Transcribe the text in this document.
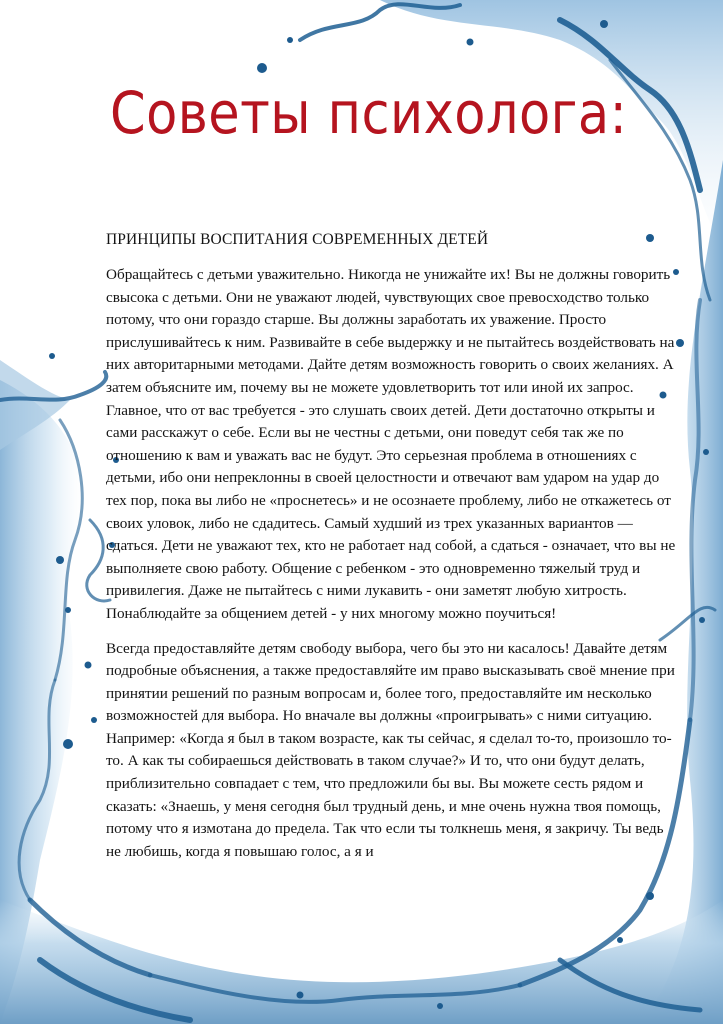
Советы психолога:
ПРИНЦИПЫ ВОСПИТАНИЯ СОВРЕМЕННЫХ ДЕТЕЙ

Обращайтесь с детьми уважительно. Никогда не унижайте их! Вы не должны говорить свысока с детьми. Они не уважают людей, чувствующих свое превосходство только потому, что они гораздо старше. Вы должны заработать их уважение. Просто прислушивайтесь к ним. Развивайте в себе выдержку и не пытайтесь воздействовать на них авторитарными методами. Дайте детям возможность говорить о своих желаниях. А затем объясните им, почему вы не можете удовлетворить тот или иной их запрос. Главное, что от вас требуется - это слушать своих детей. Дети достаточно открыты и сами расскажут о себе. Если вы не честны с детьми, они поведут себя так же по отношению к вам и уважать вас не будут. Это серьезная проблема в отношениях с детьми, ибо они непреклонны в своей целостности и отвечают вам ударом на удар до тех пор, пока вы либо не «проснетесь» и не осознаете проблему, либо не откажетесь от своих уловок, либо не сдадитесь. Самый худший из трех указанных вариантов — сдаться. Дети не уважают тех, кто не работает над собой, а сдаться - означает, что вы не выполняете свою работу. Общение с ребенком - это одновременно тяжелый труд и привилегия. Даже не пытайтесь с ними лукавить - они заметят любую хитрость. Понаблюдайте за общением детей - у них многому можно поучиться!

Всегда предоставляйте детям свободу выбора, чего бы это ни касалось! Давайте детям подробные объяснения, а также предоставляйте им право высказывать своё мнение при принятии решений по разным вопросам и, более того, предоставляйте им несколько возможностей для выбора. Но вначале вы должны «проигрывать» с ними ситуацию. Например: «Когда я был в таком возрасте, как ты сейчас, я сделал то-то, произошло то-то. А как ты собираешься действовать в таком случае?» И то, что они будут делать, приблизительно совпадает с тем, что предложили бы вы. Вы можете сесть рядом и сказать: «Знаешь, у меня сегодня был трудный день, и мне очень нужна твоя помощь, потому что я измотана до предела. Так что если ты толкнешь меня, я закричу. Ты ведь не любишь, когда я повышаю голос, а я и
